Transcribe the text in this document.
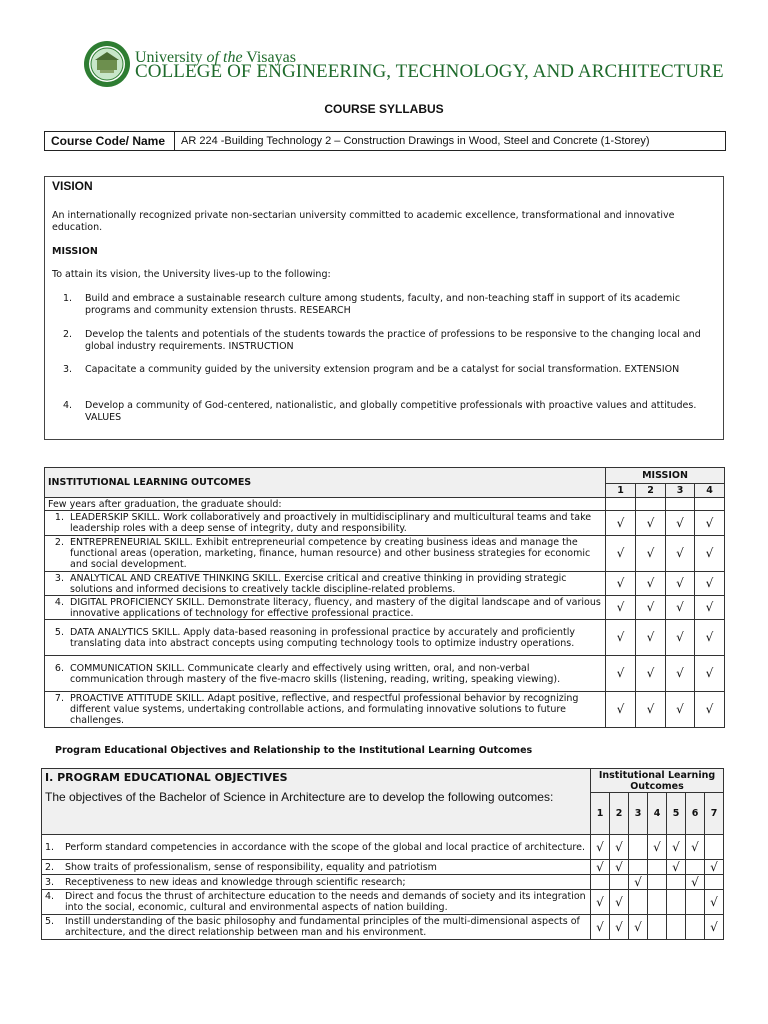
University of the Visayas
COLLEGE OF ENGINEERING, TECHNOLOGY, AND ARCHITECTURE
COURSE SYLLABUS
Course Code/ Name	AR 224 -Building Technology 2 – Construction Drawings in Wood, Steel and Concrete (1-Storey)
VISION
An internationally recognized private non-sectarian university committed to academic excellence, transformational and innovative education.
MISSION
To attain its vision, the University lives-up to the following:
1.	Build and embrace a sustainable research culture among students, faculty, and non-teaching staff in support of its academic programs and community extension thrusts. RESEARCH
2.	Develop the talents and potentials of the students towards the practice of professions to be responsive to the changing local and global industry requirements. INSTRUCTION
3.	Capacitate a community guided by the university extension program and be a catalyst for social transformation. EXTENSION
4.	Develop a community of God-centered, nationalistic, and globally competitive professionals with proactive values and attitudes. VALUES
INSTITUTIONAL LEARNING OUTCOMES	MISSION			
	1	2	3	4
Few years after graduation, the graduate should:				

1. LEADERSKIP SKILL. Work collaboratively and proactively in multidisciplinary and multicultural teams and take leadership roles with a deep sense of integrity, duty and responsibility.	√	√	√	√

2. ENTREPRENEURIAL SKILL. Exhibit entrepreneurial competence by creating business ideas and manage the functional areas (operation, marketing, finance, human resource) and other business strategies for economic and social development.	√	√	√	√

3. ANALYTICAL AND CREATIVE THINKING SKILL. Exercise critical and creative thinking in providing strategic solutions and informed decisions to creatively tackle discipline-related problems.	√	√	√	√

4. DIGITAL PROFICIENCY SKILL. Demonstrate literacy, fluency, and mastery of the digital landscape and of various innovative applications of technology for effective professional practice.	√	√	√	√

5. DATA ANALYTICS SKILL. Apply data-based reasoning in professional practice by accurately and proficiently translating data into abstract concepts using computing technology tools to optimize industry operations.	√	√	√	√

6. COMMUNICATION SKILL. Communicate clearly and effectively using written, oral, and non-verbal communication through mastery of the five-macro skills (listening, reading, writing, speaking viewing).	√	√	√	√

7. PROACTIVE ATTITUDE SKILL. Adapt positive, reflective, and respectful professional behavior by recognizing different value systems, undertaking controllable actions, and formulating innovative solutions to future challenges.	√	√	√	√
Program Educational Objectives and Relationship to the Institutional Learning Outcomes
I. PROGRAM EDUCATIONAL OBJECTIVES
The objectives of the Bachelor of Science in Architecture are to develop the following outcomes:	Institutional Learning Outcomes						
	1	2	3	4	5	6	7

1. Perform standard competencies in accordance with the scope of the global and local practice of architecture.	√	√		√	√	√	

2. Show traits of professionalism, sense of responsibility, equality and patriotism	√	√			√		√

3. Receptiveness to new ideas and knowledge through scientific research;			√			√	

4. Direct and focus the thrust of architecture education to the needs and demands of society and its integration into the social, economic, cultural and environmental aspects of nation building.	√	√					√

5. Instill understanding of the basic philosophy and fundamental principles of the multi-dimensional aspects of architecture, and the direct relationship between man and his environment.	√	√	√				√
